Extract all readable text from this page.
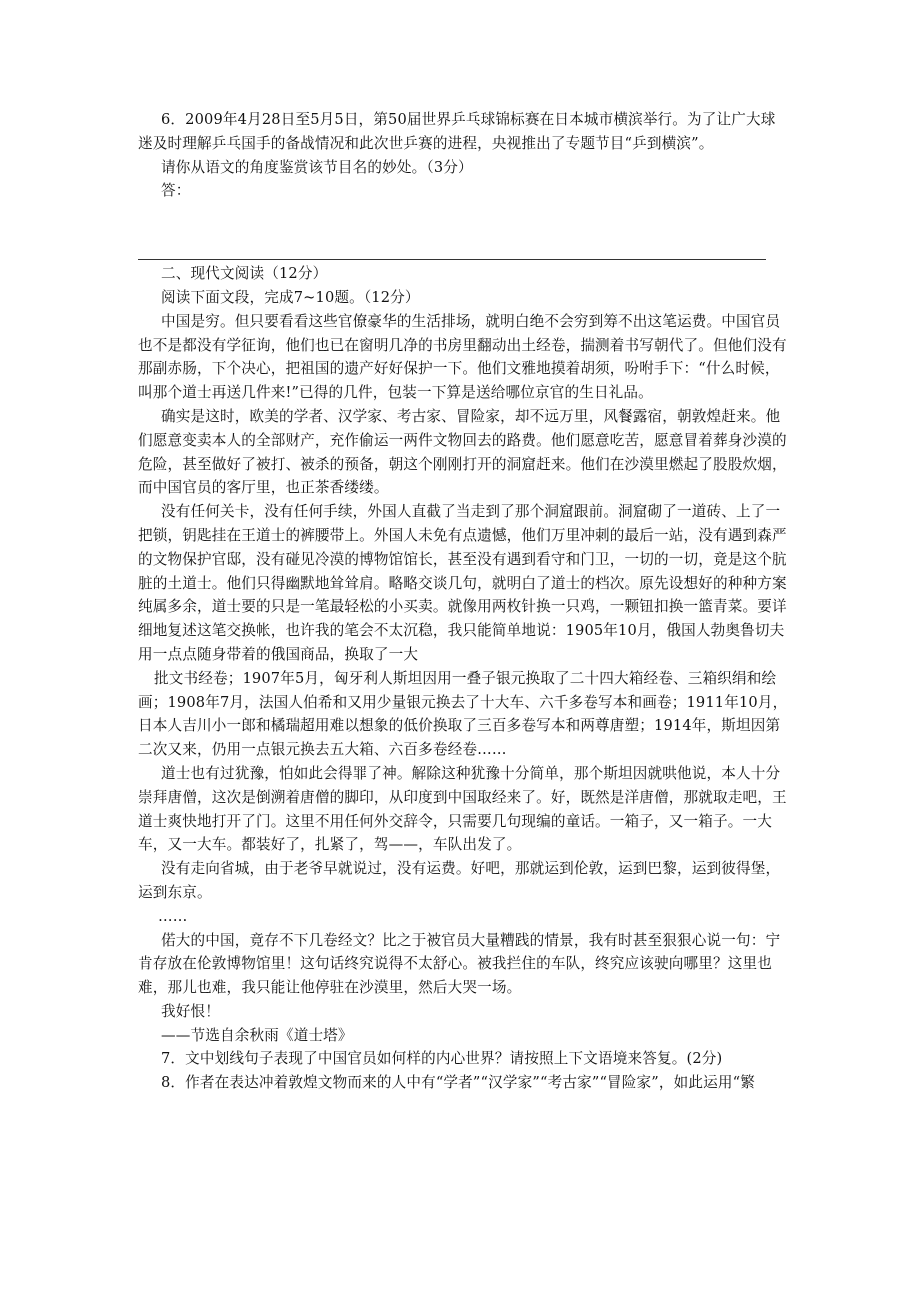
6．2009年4月28日至5月5日，第50届世界乒乓球锦标赛在日本城市横滨举行。为了让广大球迷及时理解乒乓国手的备战情况和此次世乒赛的进程，央视推出了专题节目“乒到横滨”。

请你从语文的角度鉴赏该节目名的妙处。（3分）

答：

二、现代文阅读（12分）

阅读下面文段，完成7~10题。（12分）

中国是穷。但只要看看这些官僚豪华的生活排场，就明白绝不会穷到筹不出这笔运费。中国官员也不是都没有学征询，他们也已在窗明几净的书房里翻动出土经卷，揣测着书写朝代了。但他们没有那副赤肠，下个决心，把祖国的遗产好好保护一下。他们文雅地摸着胡须，吩咐手下：“什么时候，叫那个道士再送几件来!”已得的几件，包装一下算是送给哪位京官的生日礼品。

确实是这时，欧美的学者、汉学家、考古家、冒险家，却不远万里，风餐露宿，朝敦煌赶来。他们愿意变卖本人的全部财产，充作偷运一两件文物回去的路费。他们愿意吃苦，愿意冒着葬身沙漠的危险，甚至做好了被打、被杀的预备，朝这个刚刚打开的洞窟赶来。他们在沙漠里燃起了股股炊烟，而中国官员的客厅里，也正茶香缕缕。

没有任何关卡，没有任何手续，外国人直截了当走到了那个洞窟跟前。洞窟砌了一道砖、上了一把锁，钥匙挂在王道士的裤腰带上。外国人未免有点遗憾，他们万里冲刺的最后一站，没有遇到森严的文物保护官邸，没有碰见冷漠的博物馆馆长，甚至没有遇到看守和门卫，一切的一切，竟是这个肮脏的土道士。他们只得幽默地耸耸肩。略略交谈几句，就明白了道士的档次。原先设想好的种种方案纯属多余，道士要的只是一笔最轻松的小买卖。就像用两枚针换一只鸡，一颗钮扣换一篮青菜。要详细地复述这笔交换帐，也许我的笔会不太沉稳，我只能简单地说：1905年10月，俄国人勃奥鲁切夫用一点点随身带着的俄国商品，换取了一大

批文书经卷；1907年5月，匈牙利人斯坦因用一叠子银元换取了二十四大箱经卷、三箱织绢和绘画；1908年7月，法国人伯希和又用少量银元换去了十大车、六千多卷写本和画卷；1911年10月，日本人吉川小一郎和橘瑞超用难以想象的低价换取了三百多卷写本和两尊唐塑；1914年，斯坦因第二次又来，仍用一点银元换去五大箱、六百多卷经卷……

道士也有过犹豫，怕如此会得罪了神。解除这种犹豫十分简单，那个斯坦因就哄他说，本人十分崇拜唐僧，这次是倒溯着唐僧的脚印，从印度到中国取经来了。好，既然是洋唐僧，那就取走吧，王道士爽快地打开了门。这里不用任何外交辞令，只需要几句现编的童话。一箱子，又一箱子。一大车，又一大车。都装好了，扎紧了，驾——，车队出发了。

没有走向省城，由于老爷早就说过，没有运费。好吧，那就运到伦敦，运到巴黎，运到彼得堡，运到东京。

……

偌大的中国，竟存不下几卷经文？比之于被官员大量糟践的情景，我有时甚至狠狠心说一句：宁肯存放在伦敦博物馆里！这句话终究说得不太舒心。被我拦住的车队，终究应该驶向哪里？这里也难，那儿也难，我只能让他停驻在沙漠里，然后大哭一场。

我好恨！

——节选自余秋雨《道士塔》

7．文中划线句子表现了中国官员如何样的内心世界？请按照上下文语境来答复。(2分)

8．作者在表达冲着敦煌文物而来的人中有“学者”“汉学家”“考古家”“冒险家”，如此运用“繁
